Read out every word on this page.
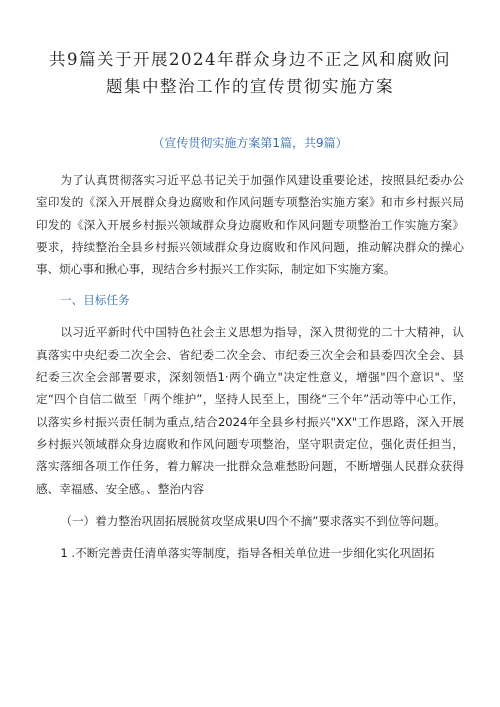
共9篇关于开展2024年群众身边不正之风和腐败问
题集中整治工作的宣传贯彻实施方案
（宣传贯彻实施方案第1篇，共9篇）

为了认真贯彻落实习近平总书记关于加强作风建设重要论述，按照县纪委办公室印发的《深入开展群众身边腐败和作风问题专项整治实施方案》和市乡村振兴局印发的《深入开展乡村振兴领域群众身边腐败和作风问题专项整治工作实施方案》要求，持续整治全县乡村振兴领域群众身边腐败和作风问题，推动解决群众的操心事、烦心事和揪心事，现结合乡村振兴工作实际，制定如下实施方案。

一、目标任务

以习近平新时代中国特色社会主义思想为指导，深入贯彻党的二十大精神，认真落实中央纪委二次全会、省纪委二次全会、市纪委三次全会和县委四次全会、县纪委三次全会部署要求，深刻领悟1·两个确立"决定性意义，增强"四个意识"、坚定“四个自信二做至「两个维护”，坚持人民至上，围绕“三个年”活动等中心工作，以落实乡村振兴责任制为重点,结合2024年全县乡村振兴"XX"工作思路，深入开展乡村振兴领域群众身边腐败和作风问题专项整治，坚守职责定位，强化责任担当，落实落细各项工作任务，着力解决一批群众急难愁盼问题，不断增强人民群众获得感、幸福感、安全感。、整治内容

（一）着力整治巩固拓展脱贫攻坚成果U四个不摘”要求落实不到位等问题。

1 .不断完善责任清单落实等制度，指导各相关单位进一步细化实化巩固拓
